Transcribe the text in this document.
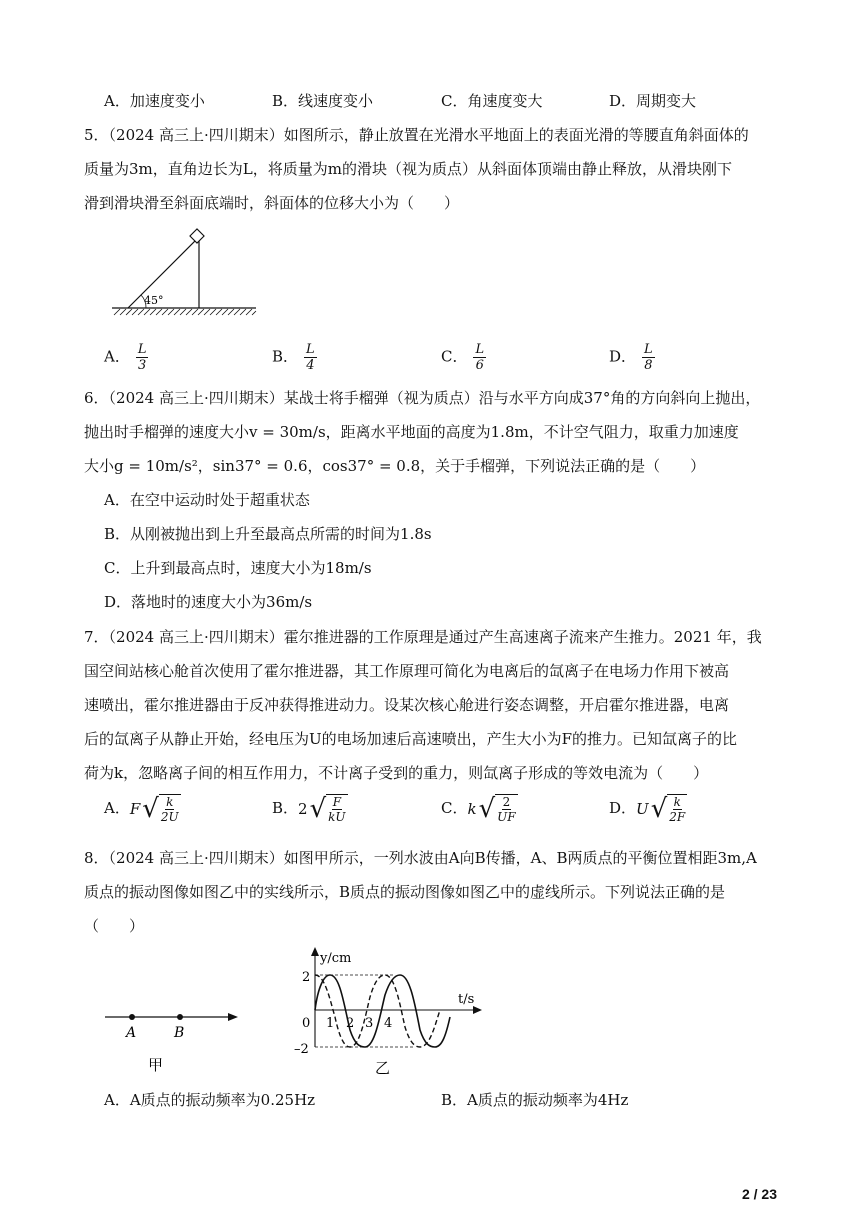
A．加速度变小	B．线速度变小	C．角速度变大	D．周期变大
5．（2024 高三上·四川期末）如图所示，静止放置在光滑水平地面上的表面光滑的等腰直角斜面体的
质量为3m，直角边长为L，将质量为m的滑块（视为质点）从斜面体顶端由静止释放，从滑块刚下
滑到滑块滑至斜面底端时，斜面体的位移大小为（　　）
45°
A． $\frac{L}{3}$	B． $\frac{L}{4}$	C． $\frac{L}{6}$	D． $\frac{L}{8}$
6．（2024 高三上·四川期末）某战士将手榴弹（视为质点）沿与水平方向成37°角的方向斜向上抛出，
抛出时手榴弹的速度大小v = 30m/s，距离水平地面的高度为1.8m，不计空气阻力，取重力加速度
大小g = 10m/s²，sin37° = 0.6，cos37° = 0.8，关于手榴弹，下列说法正确的是（　　）
A．在空中运动时处于超重状态
B．从刚被抛出到上升至最高点所需的时间为1.8s
C．上升到最高点时，速度大小为18m/s
D．落地时的速度大小为36m/s
7．（2024 高三上·四川期末）霍尔推进器的工作原理是通过产生高速离子流来产生推力。2021 年，我
国空间站核心舱首次使用了霍尔推进器，其工作原理可简化为电离后的氙离子在电场力作用下被高
速喷出，霍尔推进器由于反冲获得推进动力。设某次核心舱进行姿态调整，开启霍尔推进器，电离
后的氙离子从静止开始，经电压为U的电场加速后高速喷出，产生大小为F的推力。已知氙离子的比
荷为k，忽略离子间的相互作用力，不计离子受到的重力，则氙离子形成的等效电流为（　　）
A． F √ k
2U	B． 2 √ F
kU	C． k √ 2
UF	D． U √ k
2F
8．（2024 高三上·四川期末）如图甲所示，一列水波由A向B传播，A、B两质点的平衡位置相距3m,A
质点的振动图像如图乙中的实线所示，B质点的振动图像如图乙中的虚线所示。下列说法正确的是
（　　）
A	B
甲
y/cm
t/s
2
–2
0 1 2 3 4
乙
A．A质点的振动频率为0.25Hz	B．A质点的振动频率为4Hz
2 / 23
